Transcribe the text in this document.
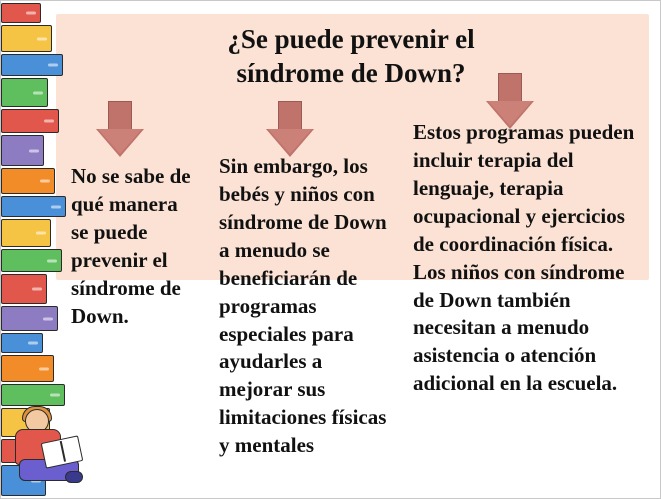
¿Se puede prevenir el
síndrome de Down?
No se sabe de qué manera se puede prevenir el síndrome de Down.
Sin embargo, los bebés y niños con síndrome de Down a menudo se beneficiarán de programas especiales para ayudarles a mejorar sus limitaciones físicas y mentales
Estos programas pueden incluir terapia del lenguaje, terapia ocupacional y ejercicios de coordinación física. Los niños con síndrome de Down también necesitan a menudo asistencia o atención adicional en la escuela.
